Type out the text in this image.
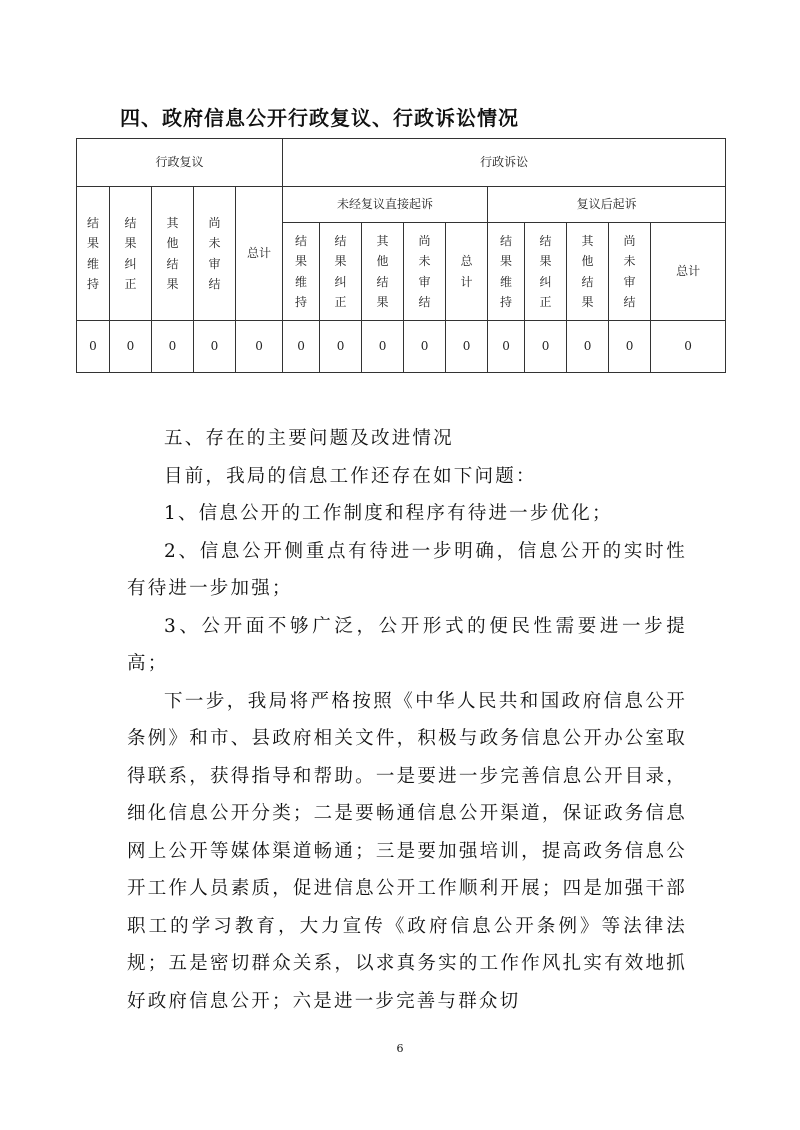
四、政府信息公开行政复议、行政诉讼情况
行政复议					行政诉讼									
结果维持	结果纠正	其他结果	尚未审结	总计	未经复议直接起诉					复议后起诉				
					结果维持	结果纠正	其他结果	尚未审结	总计	结果维持	结果纠正	其他结果	尚未审结	总计
0	0	0	0	0	0	0	0	0	0	0	0	0	0	0

五、存在的主要问题及改进情况

目前，我局的信息工作还存在如下问题：

1、信息公开的工作制度和程序有待进一步优化；

2、信息公开侧重点有待进一步明确，信息公开的实时性有待进一步加强；

3、公开面不够广泛，公开形式的便民性需要进一步提高；

下一步，我局将严格按照《中华人民共和国政府信息公开条例》和市、县政府相关文件，积极与政务信息公开办公室取得联系，获得指导和帮助。一是要进一步完善信息公开目录，细化信息公开分类；二是要畅通信息公开渠道，保证政务信息网上公开等媒体渠道畅通；三是要加强培训，提高政务信息公开工作人员素质，促进信息公开工作顺利开展；四是加强干部职工的学习教育，大力宣传《政府信息公开条例》等法律法规；五是密切群众关系，以求真务实的工作作风扎实有效地抓好政府信息公开；六是进一步完善与群众切

6
